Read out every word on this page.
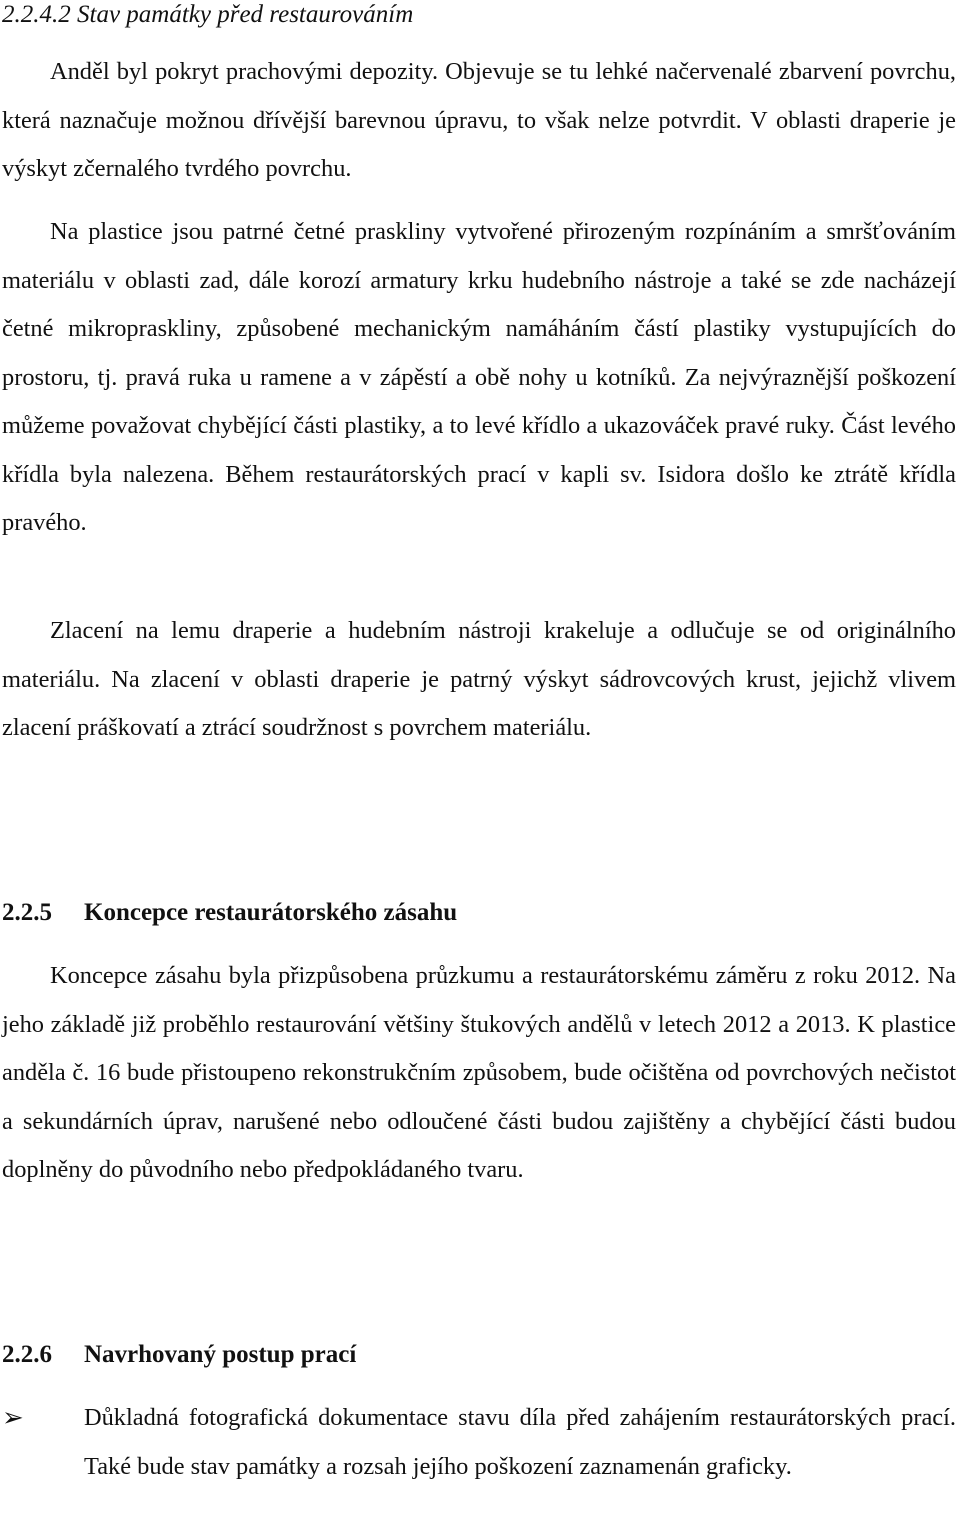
2.2.4.2 Stav památky před restaurováním

Anděl byl pokryt prachovými depozity. Objevuje se tu lehké načervenalé zbarvení povrchu, která naznačuje možnou dřívější barevnou úpravu, to však nelze potvrdit. V oblasti draperie je výskyt zčernalého tvrdého povrchu.

Na plastice jsou patrné četné praskliny vytvořené přirozeným rozpínáním a smršťováním materiálu v oblasti zad, dále korozí armatury krku hudebního nástroje a také se zde nacházejí četné mikropraskliny, způsobené mechanickým namáháním částí plastiky vystupujících do prostoru, tj. pravá ruka u ramene a v zápěstí a obě nohy u kotníků. Za nejvýraznější poškození můžeme považovat chybějící části plastiky, a to levé křídlo a ukazováček pravé ruky. Část levého křídla byla nalezena. Během restaurátorských prací v kapli sv. Isidora došlo ke ztrátě křídla pravého.

Zlacení na lemu draperie a hudebním nástroji krakeluje a odlučuje se od originálního materiálu. Na zlacení v oblasti draperie je patrný výskyt sádrovcových krust, jejichž vlivem zlacení práškovatí a ztrácí soudržnost s povrchem materiálu.

2.2.5 Koncepce restaurátorského zásahu

Koncepce zásahu byla přizpůsobena průzkumu a restaurátorskému záměru z roku 2012. Na jeho základě již proběhlo restaurování většiny štukových andělů v letech 2012 a 2013. K plastice anděla č. 16 bude přistoupeno rekonstrukčním způsobem, bude očištěna od povrchových nečistot a sekundárních úprav, narušené nebo odloučené části budou zajištěny a chybějící části budou doplněny do původního nebo předpokládaného tvaru.

2.2.6 Navrhovaný postup prací
➢	Důkladná fotografická dokumentace stavu díla před zahájením restaurátorských prací. Také bude stav památky a rozsah jejího poškození zaznamenán graficky.
